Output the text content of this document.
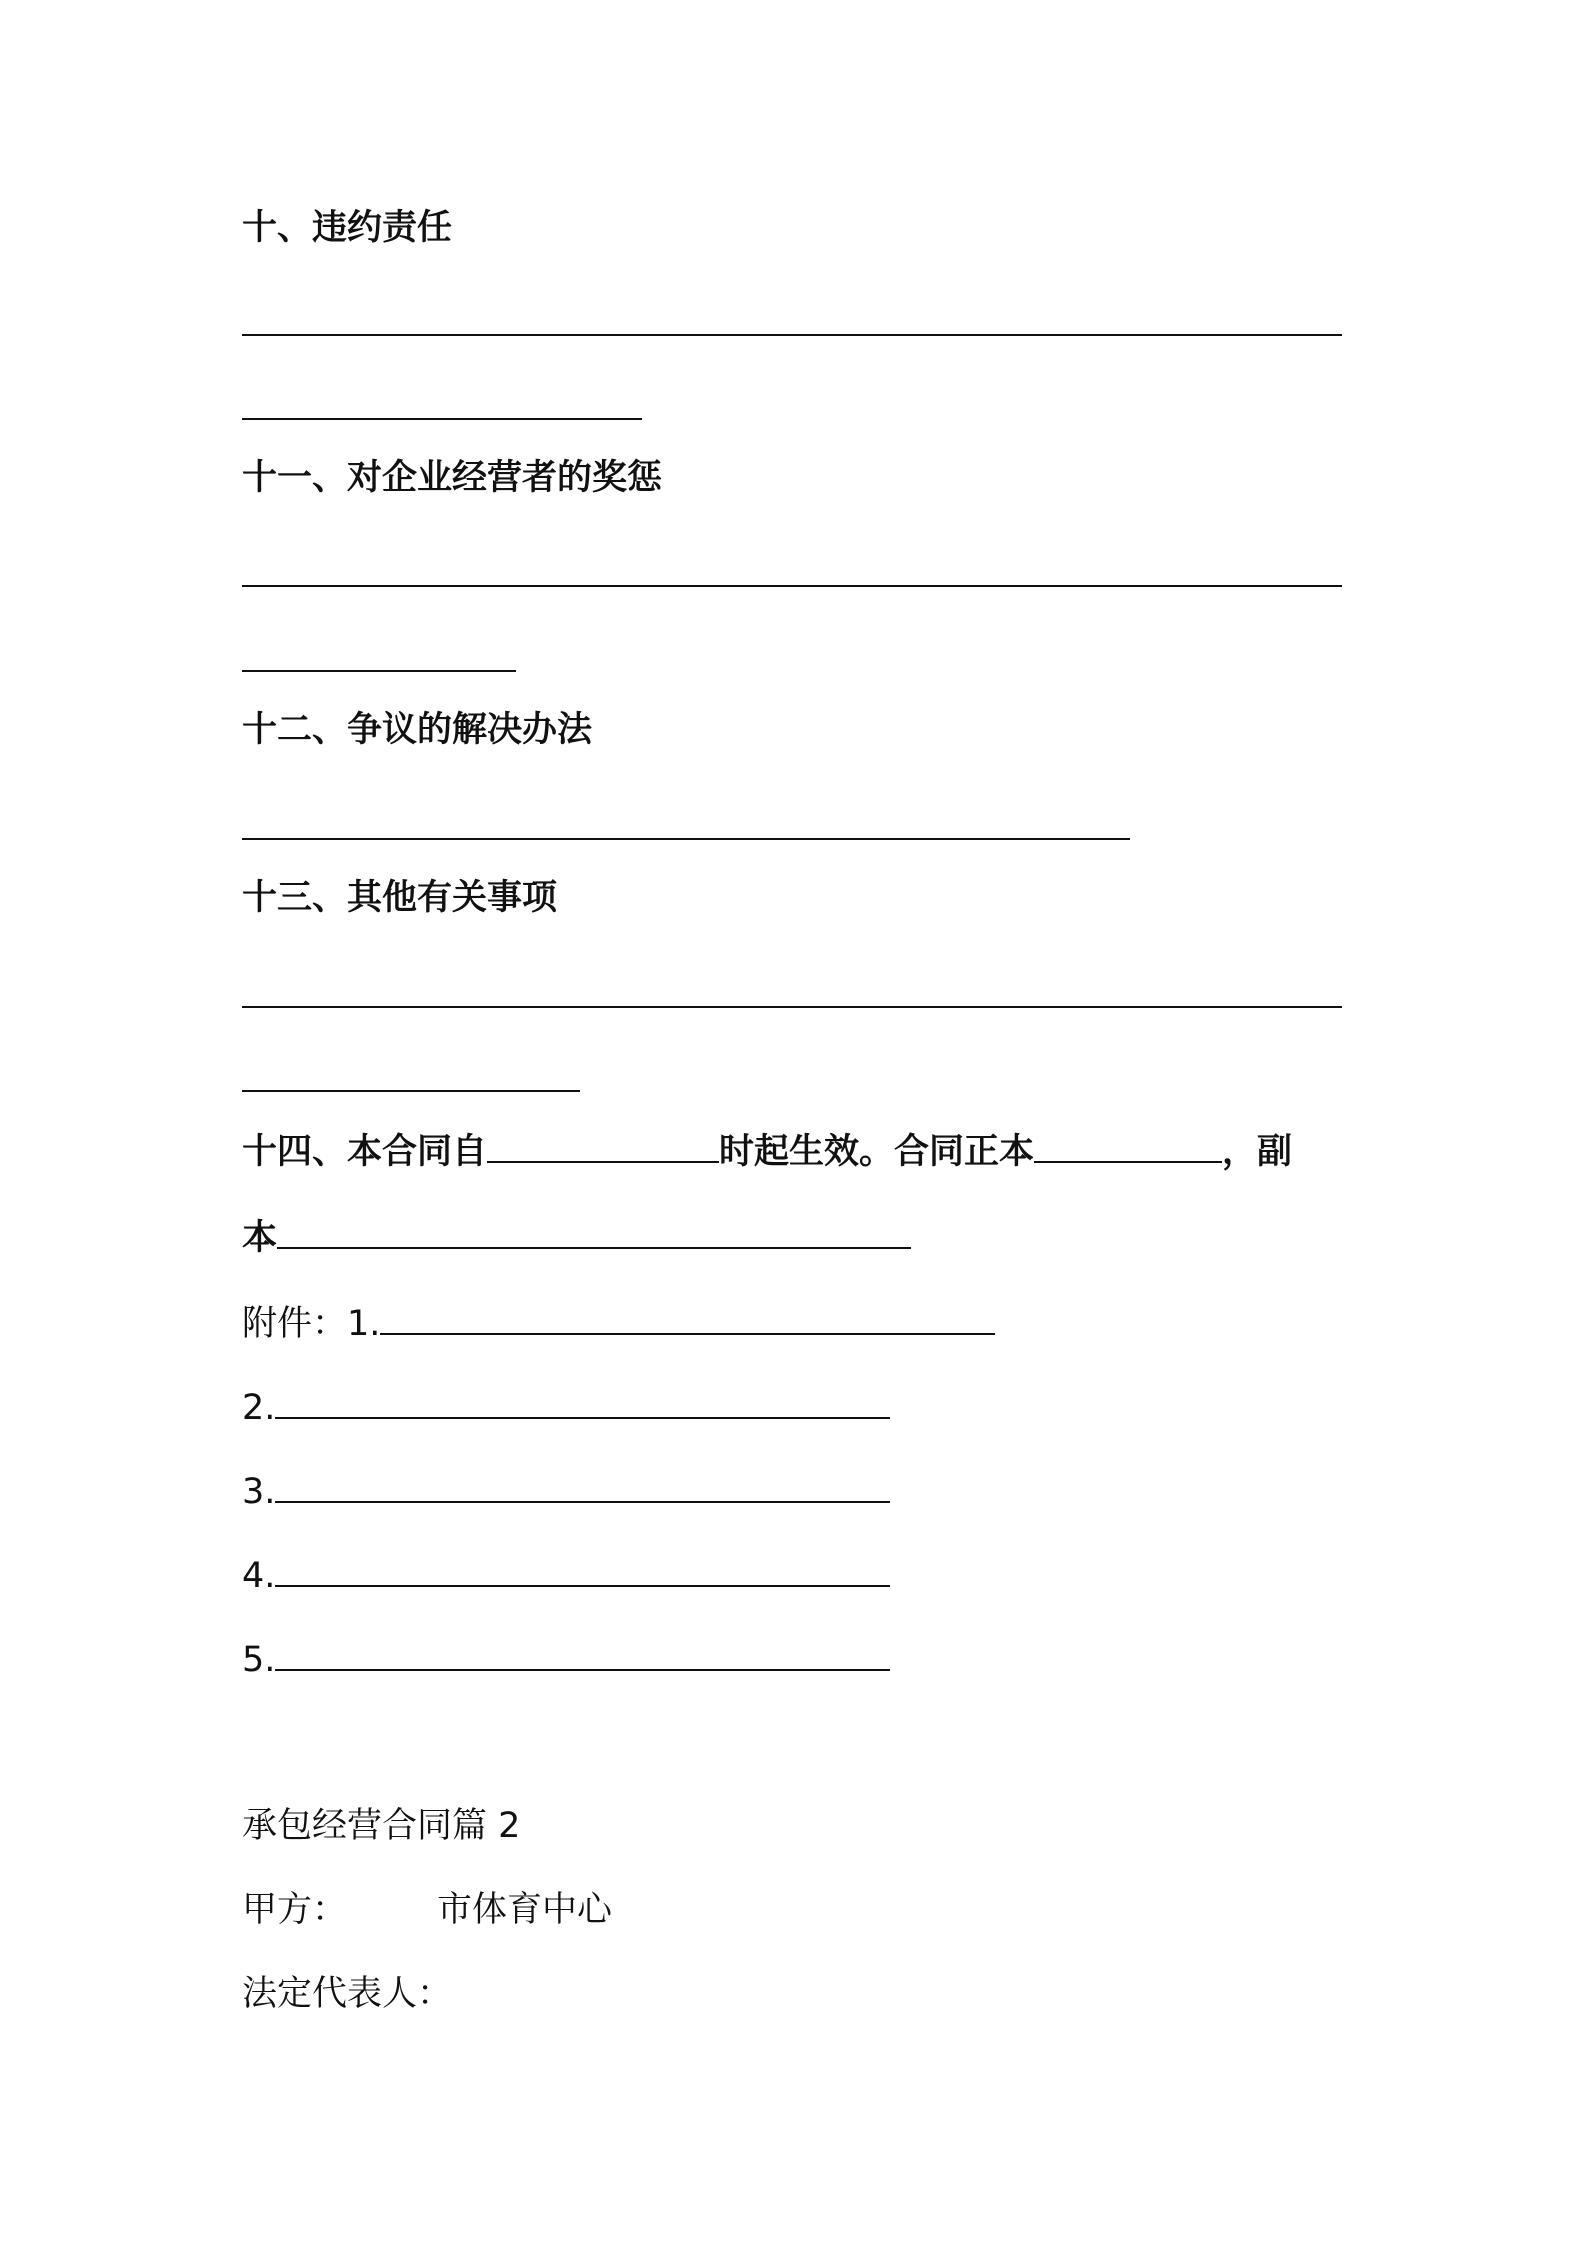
十、违约责任

十一、对企业经营者的奖惩

十二、争议的解决办法

十三、其他有关事项

十四、本合同自	时起生效。合同正本	，副

本

附件：1.

2.

3.

4.

5.

承包经营合同篇 2

甲方：	市体育中心

法定代表人：
